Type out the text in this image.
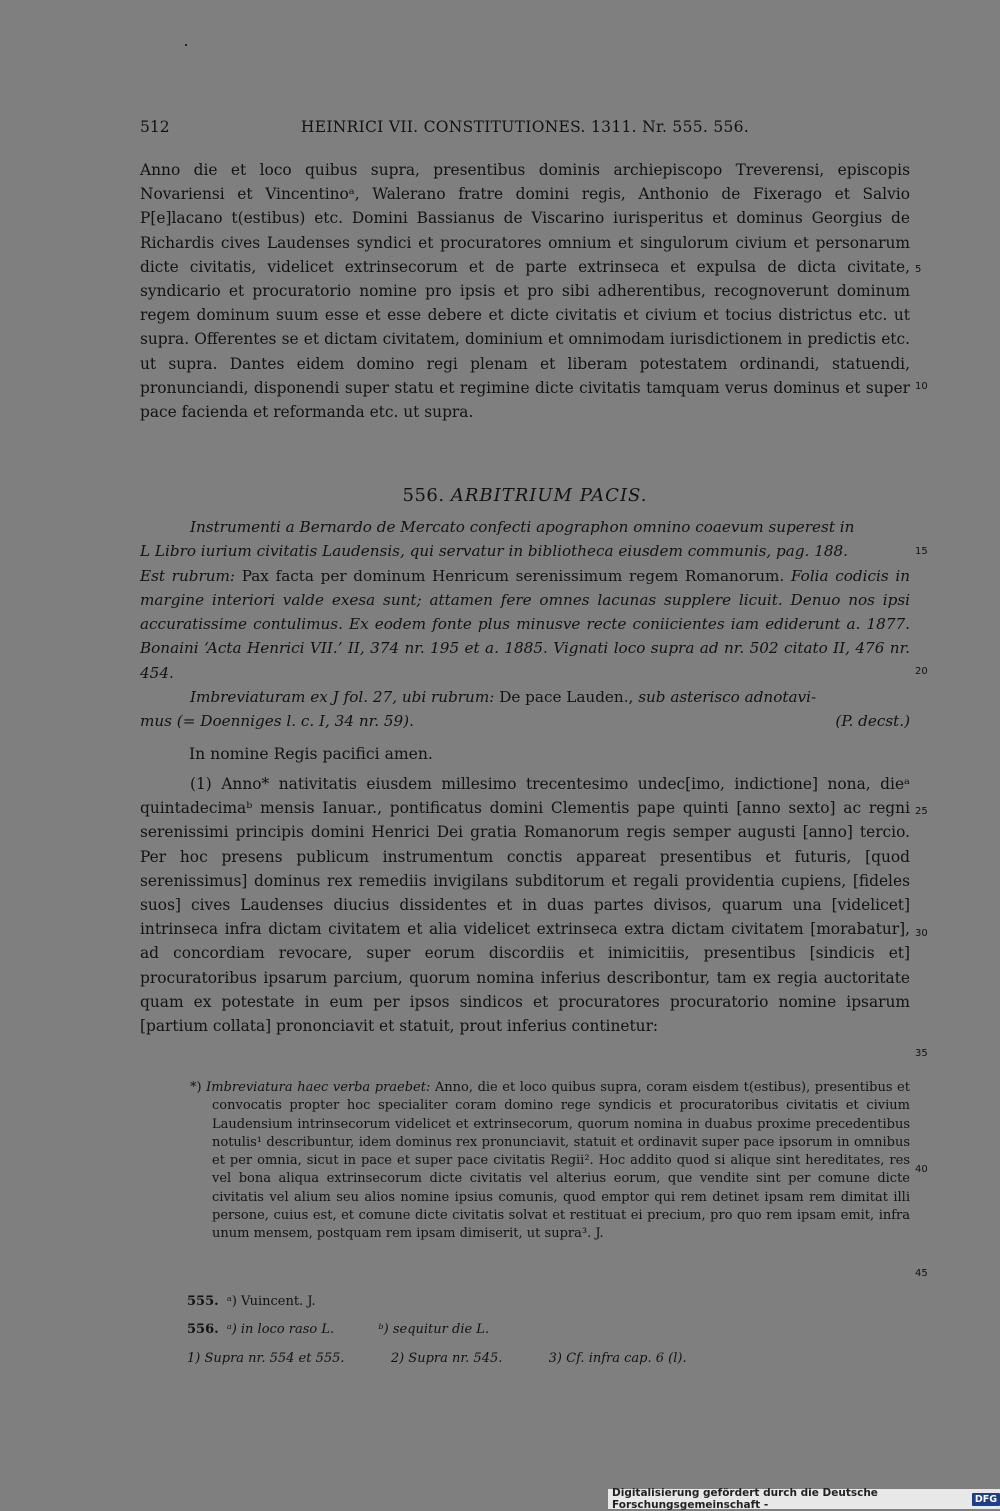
512	HEINRICI VII. CONSTITUTIONES. 1311. Nr. 555. 556.
Anno die et loco quibus supra, presentibus dominis archiepiscopo Treverensi, episcopis Novariensi et Vincentinoᵃ, Walerano fratre domini regis, Anthonio de Fixerago et Salvio P[e]lacano t(estibus) etc. Domini Bassianus de Viscarino iurisperitus et dominus Georgius de Richardis cives Laudenses syndici et procuratores omnium et singulorum civium et personarum dicte civitatis, videlicet extrinsecorum et de parte extrinseca et expulsa de dicta civitate, syndicario et procuratorio nomine pro ipsis et pro sibi adherentibus, recognoverunt dominum regem dominum suum esse et esse debere et dicte civitatis et civium et tocius districtus etc. ut supra. Offerentes se et dictam civitatem, dominium et omnimodam iurisdictionem in predictis etc. ut supra. Dantes eidem domino regi plenam et liberam potestatem ordinandi, statuendi, pronunciandi, disponendi super statu et regimine dicte civitatis tamquam verus dominus et super pace facienda et reformanda etc. ut supra.
556. ARBITRIUM PACIS.

Instrumenti a Bernardo de Mercato confecti apographon omnino coaevum superest in

L Libro iurium civitatis Laudensis, qui servatur in bibliotheca eiusdem communis, pag. 188.

Est rubrum: Pax facta per dominum Henricum serenissimum regem Romanorum. Folia codicis in margine interiori valde exesa sunt; attamen fere omnes lacunas supplere licuit. Denuo nos ipsi accuratissime contulimus. Ex eodem fonte plus minusve recte coniicientes iam ediderunt a. 1877. Bonaini ‘Acta Henrici VII.’ II, 374 nr. 195 et a. 1885. Vignati loco supra ad nr. 502 citato II, 476 nr. 454.

Imbreviaturam ex J fol. 27, ubi rubrum: De pace Lauden., sub asterisco adnotavi-

mus (= Doenniges l. c. I, 34 nr. 59).	(P. decst.)

In nomine Regis pacifici amen.
(1) Anno* nativitatis eiusdem millesimo trecentesimo undec[imo, indictione] nona, dieᵃ quintadecimaᵇ mensis Ianuar., pontificatus domini Clementis pape quinti [anno sexto] ac regni serenissimi principis domini Henrici Dei gratia Romanorum regis semper augusti [anno] tercio. Per hoc presens publicum instrumentum conctis appareat presentibus et futuris, [quod serenissimus] dominus rex remediis invigilans subditorum et regali providentia cupiens, [fideles suos] cives Laudenses diucius dissidentes et in duas partes divisos, quarum una [videlicet] intrinseca infra dictam civitatem et alia videlicet extrinseca extra dictam civitatem [morabatur], ad concordiam revocare, super eorum discordiis et inimicitiis, presentibus [sindicis et] procuratoribus ipsarum parcium, quorum nomina inferius describontur, tam ex regia auctoritate quam ex potestate in eum per ipsos sindicos et procuratores procuratorio nomine ipsarum [partium collata] prononciavit et statuit, prout inferius continetur:
*) Imbreviatura haec verba praebet: Anno, die et loco quibus supra, coram eisdem t(estibus), presentibus et convocatis propter hoc specialiter coram domino rege syndicis et procuratoribus civitatis et civium Laudensium intrinsecorum videlicet et extrinsecorum, quorum nomina in duabus proxime precedentibus notulis¹ describuntur, idem dominus rex pronunciavit, statuit et ordinavit super pace ipsorum in omnibus et per omnia, sicut in pace et super pace civitatis Regii². Hoc addito quod si alique sint hereditates, res vel bona aliqua extrinsecorum dicte civitatis vel alterius eorum, que vendite sint per comune dicte civitatis vel alium seu alios nomine ipsius comunis, quod emptor qui rem detinet ipsam rem dimitat illi persone, cuius est, et comune dicte civitatis solvat et restituat ei precium, pro quo rem ipsam emit, infra unum mensem, postquam rem ipsam dimiserit, ut supra³. J.
555. ᵃ) Vuincent. J.
556. ᵃ) in loco raso L.	ᵇ) sequitur die L.
1) Supra nr. 554 et 555.	2) Supra nr. 545.	3) Cf. infra cap. 6 (l).
5
10
15
20
25
30
35
40
45
Digitalisierung gefördert durch die Deutsche Forschungsgemeinschaft -	DFG
